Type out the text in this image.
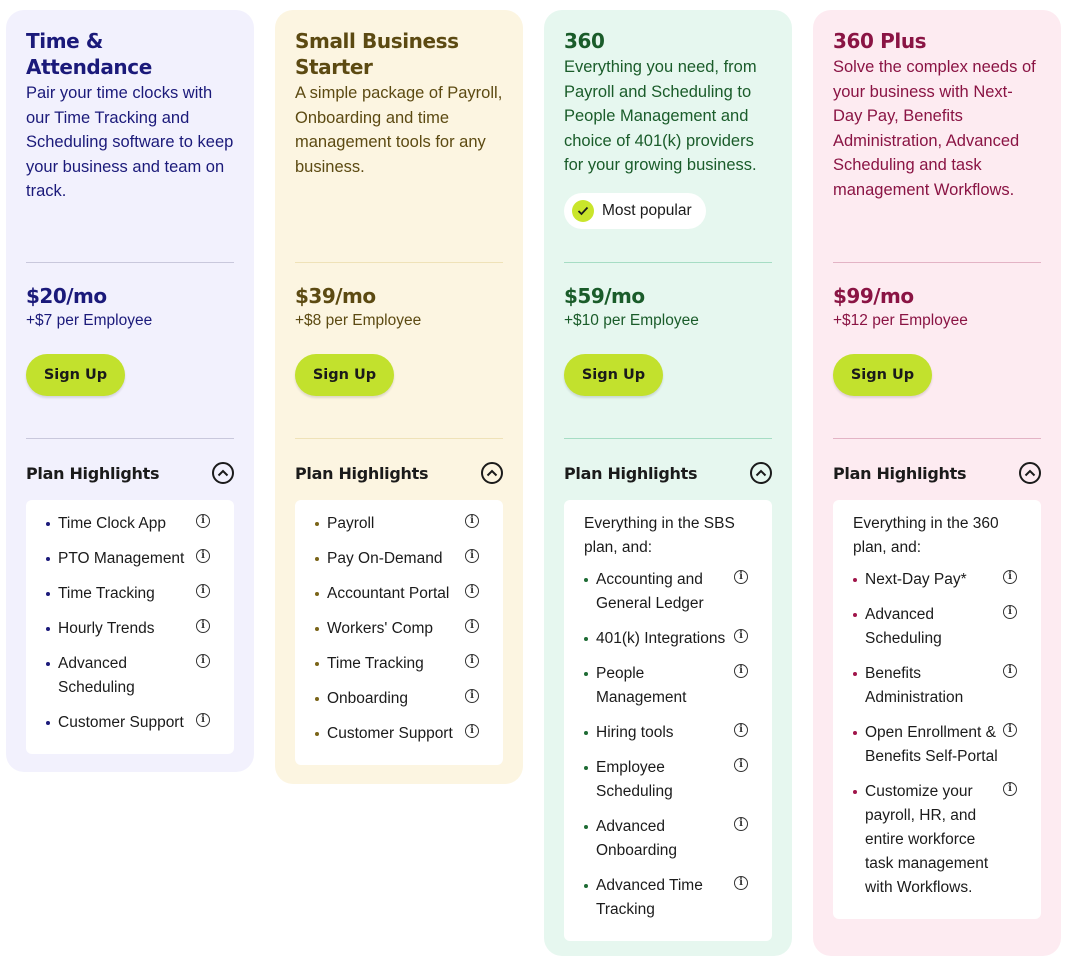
Time & Attendance
Pair your time clocks with our Time Tracking and Scheduling software to keep your business and team on track.
$20/mo
+$7 per Employee
Sign Up
Plan Highlights
Time Clock App	i
PTO Management	i
Time Tracking	i
Hourly Trends	i
Advanced Scheduling
i
Customer Support	i
Small Business Starter
A simple package of Payroll, Onboarding and time management tools for any business.
$39/mo
+$8 per Employee
Sign Up
Plan Highlights
Payroll	i
Pay On-Demand	i
Accountant Portal	i
Workers' Comp	i
Time Tracking	i
Onboarding	i
Customer Support	i
360
Everything you need, from Payroll and Scheduling to People Management and choice of 401(k) providers for your growing business.
Most popular
$59/mo
+$10 per Employee
Sign Up
Plan Highlights
Everything in the SBS plan, and:
Accounting and General Ledger
i
401(k) Integrations	i
People Management
i
Hiring tools	i
Employee Scheduling
i
Advanced Onboarding
i
Advanced Time Tracking
i
360 Plus
Solve the complex needs of your business with Next-Day Pay, Benefits Administration, Advanced Scheduling and task management Workflows.
$99/mo
+$12 per Employee
Sign Up
Plan Highlights
Everything in the 360 plan, and:
Next-Day Pay*	i
Advanced Scheduling
i
Benefits Administration
i
Open Enrollment & Benefits Self-Portal
i
Customize your payroll, HR, and entire workforce task management with Workflows.
i
